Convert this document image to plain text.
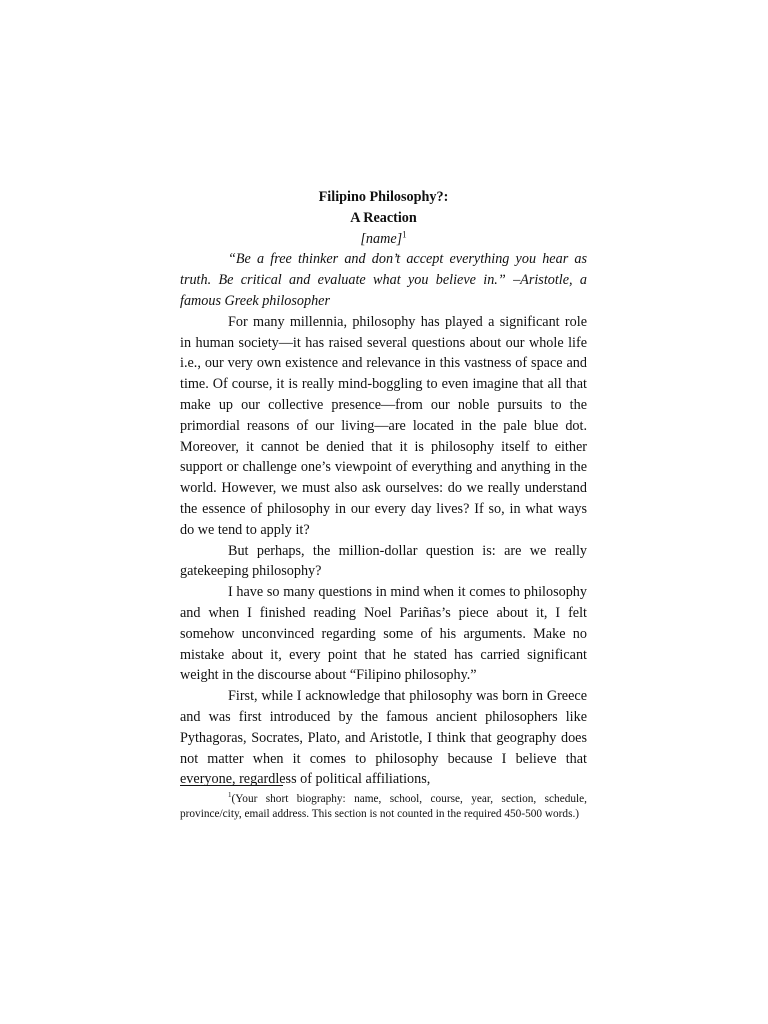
Filipino Philosophy?:

A Reaction

[name]$^1$

“Be a free thinker and don’t accept everything you hear as truth. Be critical and evaluate what you believe in.” –Aristotle, a famous Greek philosopher

For many millennia, philosophy has played a significant role in human society—it has raised several questions about our whole life i.e., our very own existence and relevance in this vastness of space and time. Of course, it is really mind-boggling to even imagine that all that make up our collective presence—from our noble pursuits to the primordial reasons of our living—are located in the pale blue dot. Moreover, it cannot be denied that it is philosophy itself to either support or challenge one’s viewpoint of everything and anything in the world. However, we must also ask ourselves: do we really understand the essence of philosophy in our every day lives? If so, in what ways do we tend to apply it?

But perhaps, the million-dollar question is: are we really gatekeeping philosophy?

I have so many questions in mind when it comes to philosophy and when I finished reading Noel Pariñas’s piece about it, I felt somehow unconvinced regarding some of his arguments. Make no mistake about it, every point that he stated has carried significant weight in the discourse about “Filipino philosophy.”

First, while I acknowledge that philosophy was born in Greece and was first introduced by the famous ancient philosophers like Pythagoras, Socrates, Plato, and Aristotle, I think that geography does not matter when it comes to philosophy because I believe that everyone, regardless of political affiliations,

$^1$(Your short biography: name, school, course, year, section, schedule, province/city, email address. This section is not counted in the required 450-500 words.)
